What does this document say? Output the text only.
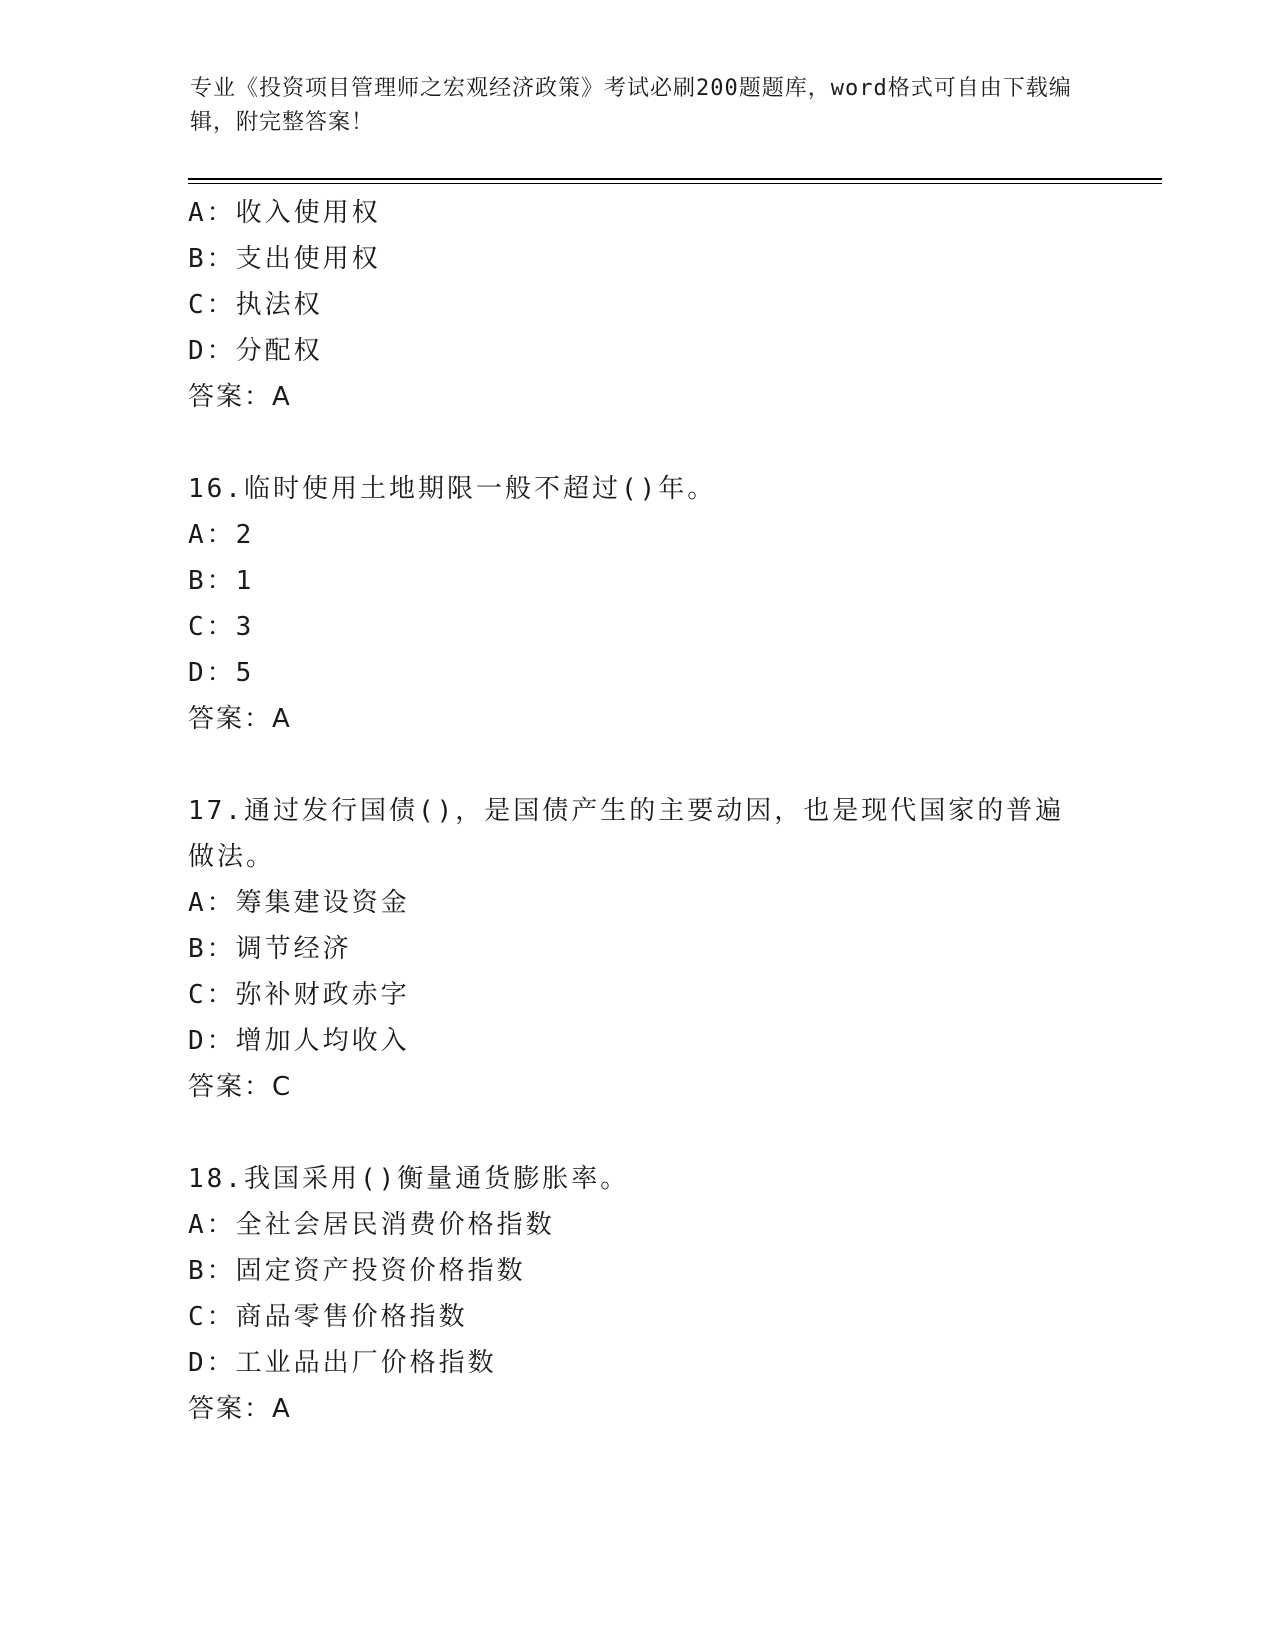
专业《投资项目管理师之宏观经济政策》考试必刷200题题库，word格式可自由下载编辑，附完整答案！
A：收入使用权
B：支出使用权
C：执法权
D：分配权
答案：A
16.临时使用土地期限一般不超过()年。
A：2
B：1
C：3
D：5
答案：A
17.通过发行国债()，是国债产生的主要动因，也是现代国家的普遍做法。
A：筹集建设资金
B：调节经济
C：弥补财政赤字
D：增加人均收入
答案：C
18.我国采用()衡量通货膨胀率。
A：全社会居民消费价格指数
B：固定资产投资价格指数
C：商品零售价格指数
D：工业品出厂价格指数
答案：A
